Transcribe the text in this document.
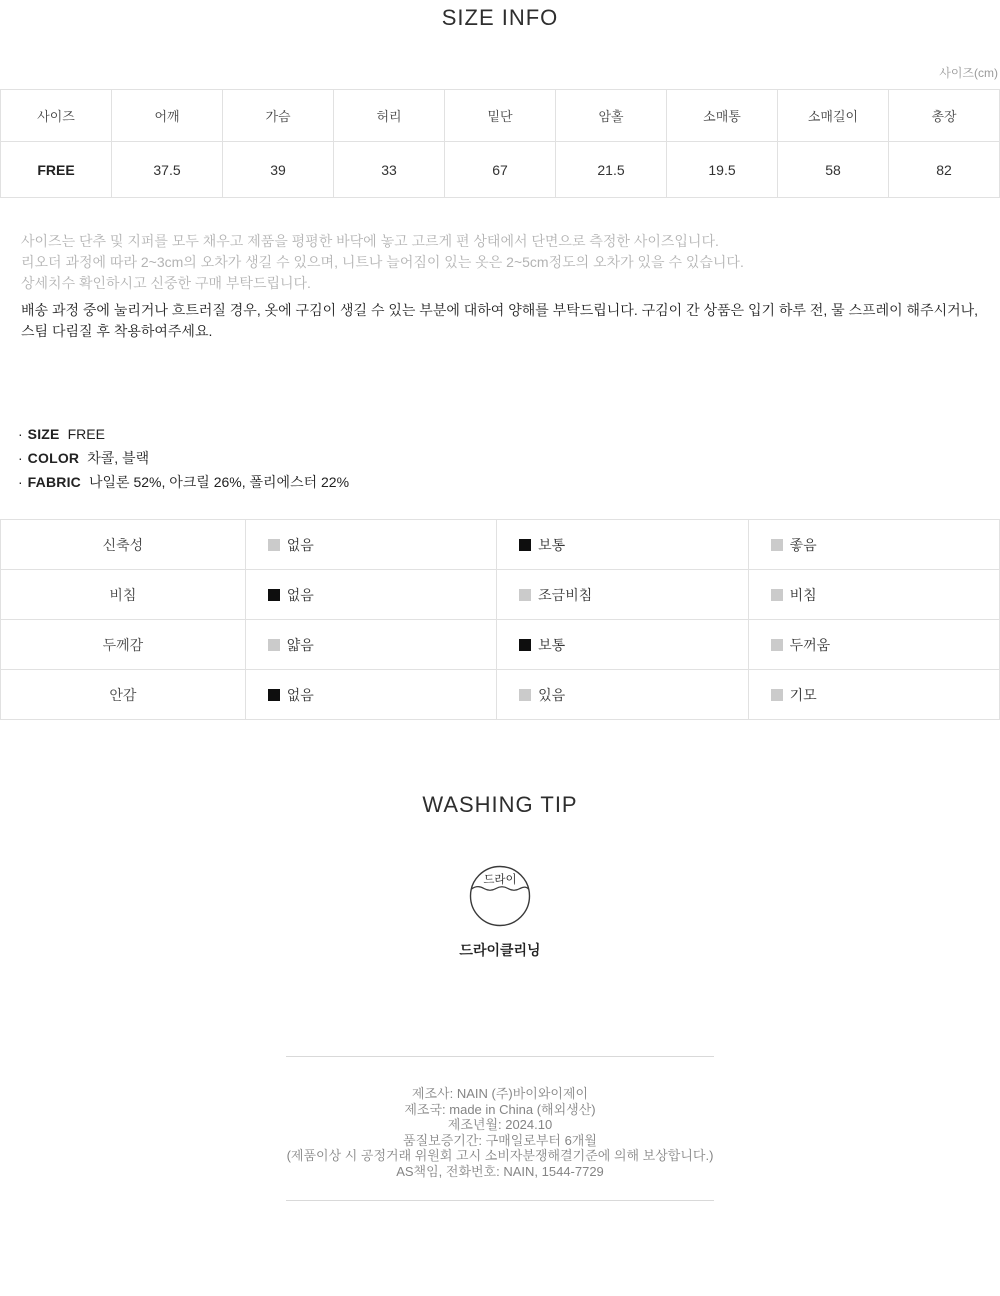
SIZE INFO
사이즈(cm)
사이즈	어깨	가슴	허리	밑단	암홀	소매통	소매길이	총장
FREE	37.5	39	33	67	21.5	19.5	58	82
사이즈는 단추 및 지퍼를 모두 채우고 제품을 평평한 바닥에 놓고 고르게 편 상태에서 단면으로 측정한 사이즈입니다.
리오더 과정에 따라 2~3cm의 오차가 생길 수 있으며, 니트나 늘어짐이 있는 옷은 2~5cm정도의 오차가 있을 수 있습니다.
상세치수 확인하시고 신중한 구매 부탁드립니다.

배송 과정 중에 눌리거나 흐트러질 경우, 옷에 구김이 생길 수 있는 부분에 대하여 양해를 부탁드립니다. 구김이 간 상품은 입기 하루 전, 물 스프레이 해주시거나, 스팀 다림질 후 착용하여주세요.

· SIZE FREE
· COLOR 차콜, 블랙
· FABRIC 나일론 52%, 아크릴 26%, 폴리에스터 22%
신축성	없음	보통	좋음
비침	없음	조금비침	비침
두께감	얇음	보통	두꺼움
안감	없음	있음	기모
WASHING TIP
드라이
드라이클리닝
제조사: NAIN (주)바이와이제이
제조국: made in China (해외생산)
제조년월: 2024.10
품질보증기간: 구매일로부터 6개월
(제품이상 시 공정거래 위원회 고시 소비자분쟁해결기준에 의해 보상합니다.)
AS책임, 전화번호: NAIN, 1544-7729
